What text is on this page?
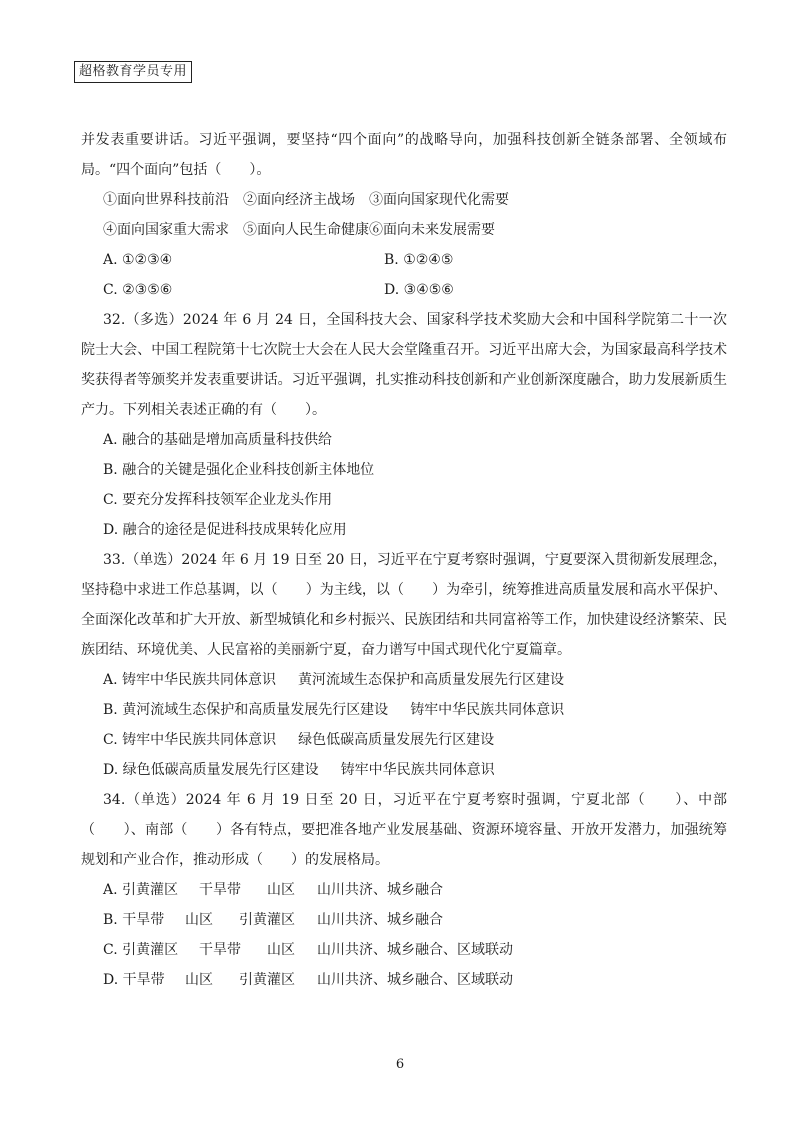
超格教育学员专用

并发表重要讲话。习近平强调，要坚持“四个面向”的战略导向，加强科技创新全链条部署、全领域布局。“四个面向”包括（　　）。

①面向世界科技前沿 ②面向经济主战场 ③面向国家现代化需要
④面向国家重大需求 ⑤面向人民生命健康⑥面向未来发展需要
A. ①②③④	B. ①②④⑤
C. ②③⑤⑥	D. ③④⑤⑥

32.（多选）2024 年 6 月 24 日，全国科技大会、国家科学技术奖励大会和中国科学院第二十一次院士大会、中国工程院第十七次院士大会在人民大会堂隆重召开。习近平出席大会，为国家最高科学技术奖获得者等颁奖并发表重要讲话。习近平强调，扎实推动科技创新和产业创新深度融合，助力发展新质生产力。下列相关表述正确的有（　　）。

A. 融合的基础是增加高质量科技供给
B. 融合的关键是强化企业科技创新主体地位
C. 要充分发挥科技领军企业龙头作用
D. 融合的途径是促进科技成果转化应用

33.（单选）2024 年 6 月 19 日至 20 日，习近平在宁夏考察时强调，宁夏要深入贯彻新发展理念，坚持稳中求进工作总基调，以（　　）为主线，以（　　）为牵引，统筹推进高质量发展和高水平保护、全面深化改革和扩大开放、新型城镇化和乡村振兴、民族团结和共同富裕等工作，加快建设经济繁荣、民族团结、环境优美、人民富裕的美丽新宁夏，奋力谱写中国式现代化宁夏篇章。

A. 铸牢中华民族共同体意识 黄河流域生态保护和高质量发展先行区建设
B. 黄河流域生态保护和高质量发展先行区建设 铸牢中华民族共同体意识
C. 铸牢中华民族共同体意识 绿色低碳高质量发展先行区建设
D. 绿色低碳高质量发展先行区建设 铸牢中华民族共同体意识

34.（单选）2024 年 6 月 19 日至 20 日，习近平在宁夏考察时强调，宁夏北部（　　）、中部（　　）、南部（　　）各有特点，要把准各地产业发展基础、资源环境容量、开放开发潜力，加强统筹规划和产业合作，推动形成（　　）的发展格局。

A. 引黄灌区 干旱带 山区 山川共济、城乡融合
B. 干旱带 山区 引黄灌区 山川共济、城乡融合
C. 引黄灌区 干旱带 山区 山川共济、城乡融合、区域联动
D. 干旱带 山区 引黄灌区 山川共济、城乡融合、区域联动
6
